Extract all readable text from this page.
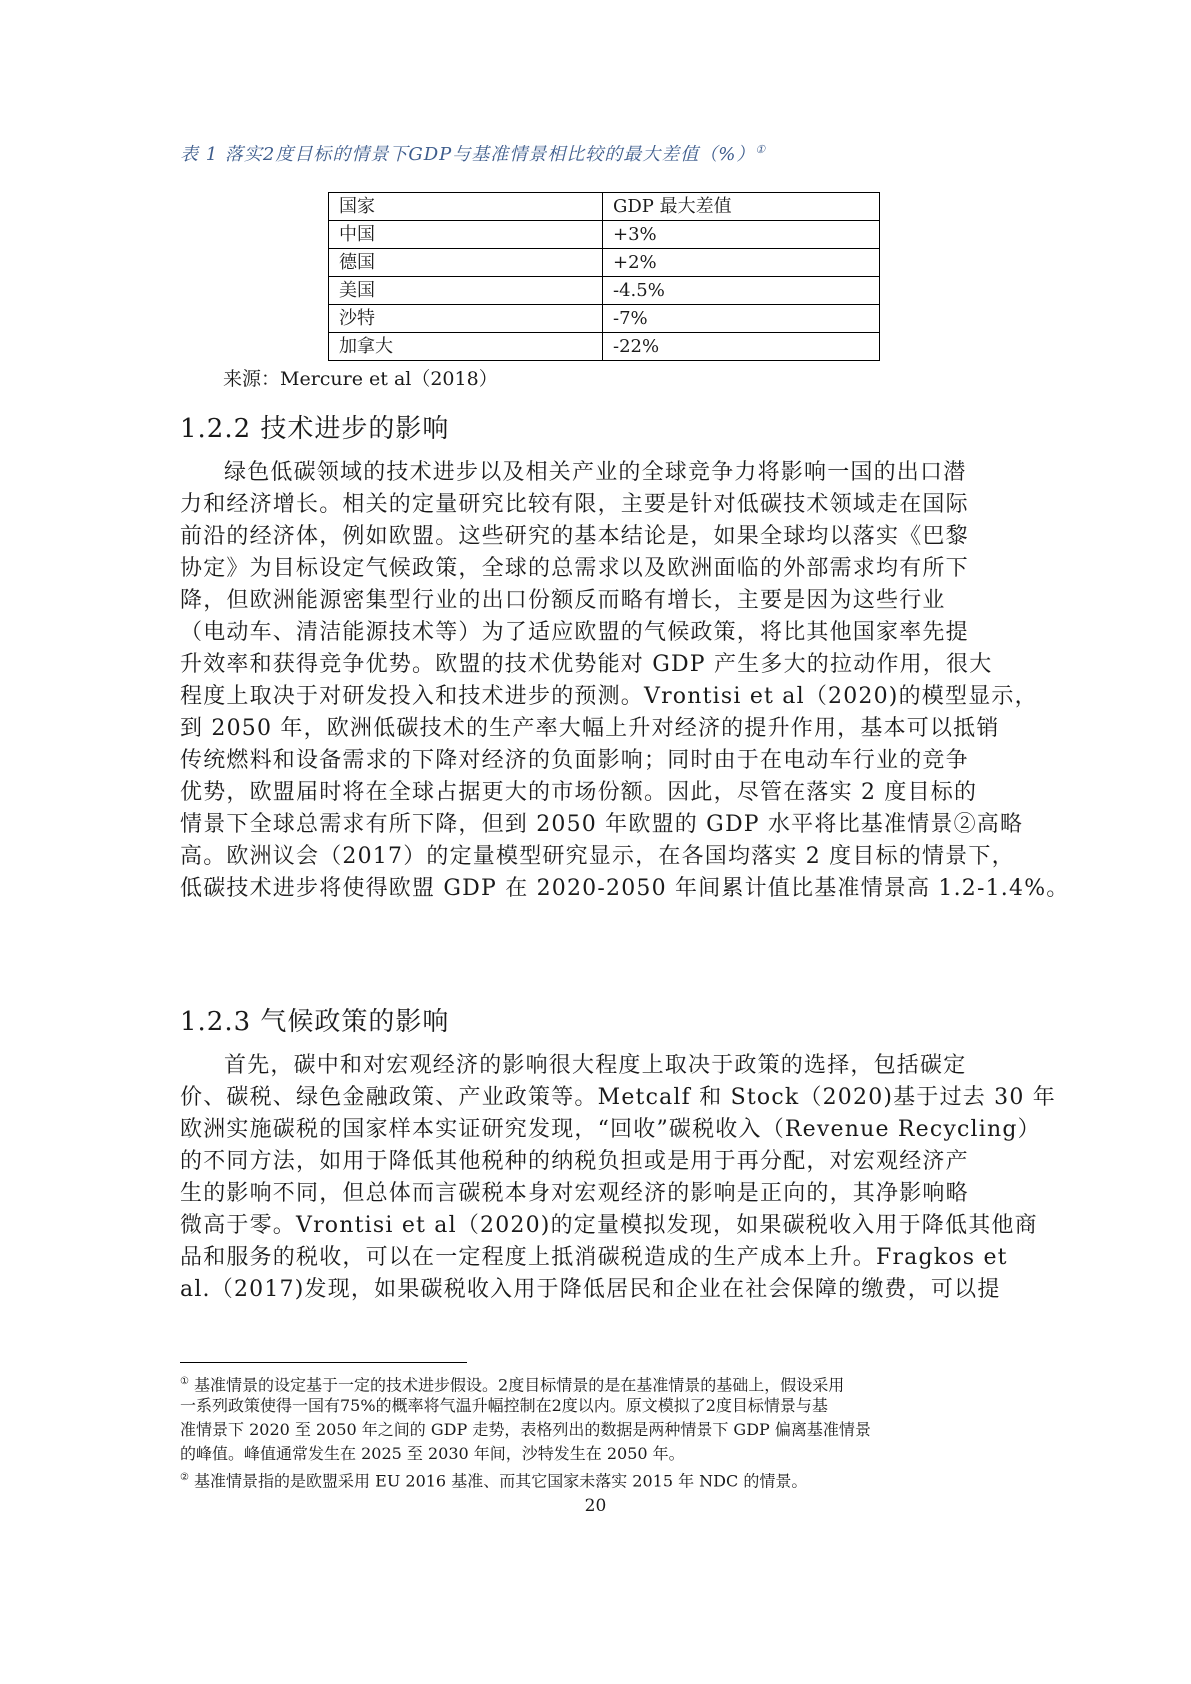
表 1 落实2度目标的情景下GDP与基准情景相比较的最大差值（%）①
国家	GDP 最大差值
中国	+3%
德国	+2%
美国	-4.5%
沙特	-7%
加拿大	-22%
来源：Mercure et al（2018）
1.2.2 技术进步的影响
绿色低碳领域的技术进步以及相关产业的全球竞争力将影响一国的出口潜
力和经济增长。相关的定量研究比较有限，主要是针对低碳技术领域走在国际
前沿的经济体，例如欧盟。这些研究的基本结论是，如果全球均以落实《巴黎
协定》为目标设定气候政策，全球的总需求以及欧洲面临的外部需求均有所下
降，但欧洲能源密集型行业的出口份额反而略有增长，主要是因为这些行业
（电动车、清洁能源技术等）为了适应欧盟的气候政策，将比其他国家率先提
升效率和获得竞争优势。欧盟的技术优势能对 GDP 产生多大的拉动作用，很大
程度上取决于对研发投入和技术进步的预测。Vrontisi et al（2020)的模型显示，
到 2050 年，欧洲低碳技术的生产率大幅上升对经济的提升作用，基本可以抵销
传统燃料和设备需求的下降对经济的负面影响；同时由于在电动车行业的竞争
优势，欧盟届时将在全球占据更大的市场份额。因此，尽管在落实 2 度目标的
情景下全球总需求有所下降，但到 2050 年欧盟的 GDP 水平将比基准情景②高略
高。欧洲议会（2017）的定量模型研究显示，在各国均落实 2 度目标的情景下，
低碳技术进步将使得欧盟 GDP 在 2020-2050 年间累计值比基准情景高 1.2-1.4%。
1.2.3 气候政策的影响
首先，碳中和对宏观经济的影响很大程度上取决于政策的选择，包括碳定
价、碳税、绿色金融政策、产业政策等。Metcalf 和 Stock（2020)基于过去 30 年
欧洲实施碳税的国家样本实证研究发现，“回收”碳税收入（Revenue Recycling）
的不同方法，如用于降低其他税种的纳税负担或是用于再分配，对宏观经济产
生的影响不同，但总体而言碳税本身对宏观经济的影响是正向的，其净影响略
微高于零。Vrontisi et al（2020)的定量模拟发现，如果碳税收入用于降低其他商
品和服务的税收，可以在一定程度上抵消碳税造成的生产成本上升。Fragkos et
al.（2017)发现，如果碳税收入用于降低居民和企业在社会保障的缴费，可以提
① 基准情景的设定基于一定的技术进步假设。2度目标情景的是在基准情景的基础上，假设采用
一系列政策使得一国有75%的概率将气温升幅控制在2度以内。原文模拟了2度目标情景与基
准情景下 2020 至 2050 年之间的 GDP 走势，表格列出的数据是两种情景下 GDP 偏离基准情景
的峰值。峰值通常发生在 2025 至 2030 年间，沙特发生在 2050 年。
② 基准情景指的是欧盟采用 EU 2016 基准、而其它国家未落实 2015 年 NDC 的情景。
20
